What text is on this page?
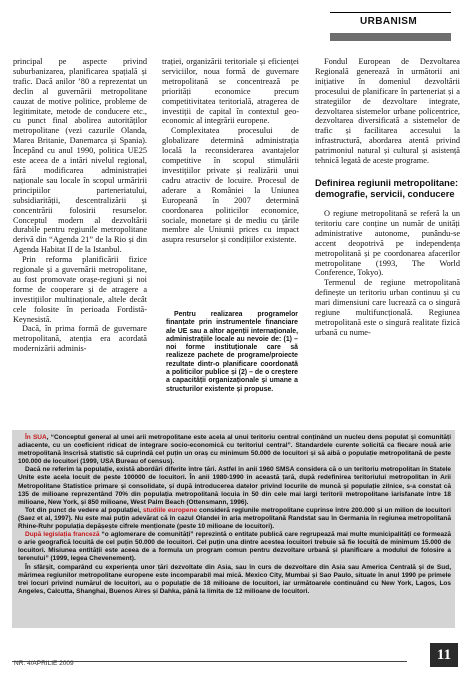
URBANISM

principal pe aspecte privind suburbanizarea, planificarea spațială și trafic. Dacă anilor ’80 a reprezentat un declin al guvernării metropolitane cauzat de motive politice, probleme de legitimitate, metode de conducere etc., cu punct final abolirea autorităților metropolitane (vezi cazurile Olanda, Marea Britanie, Danemarca și Spania). Începând cu anul 1990, politica UE25 este aceea de a intări nivelul regional, fără modificarea administrației naționale sau locale în scopul urmăririi principiilor parteneriatului, subsidiarității, descentralizării și concentrării folosirii resurselor. Conceptul modern al dezvoltării durabile pentru regiunile metropolitane derivă din “Agenda 21” de la Rio și din Agenda Habitat II de la Istanbul.

Prin reforma planificării fizice regionale și a guvernării metropolitane, au fost promovate orașe-regiuni și noi forme de cooperare și de atragere a investițiilor multinaționale, altele decât cele folosite în perioada Fordistă-Keynesistă.

Dacă, în prima formă de guvernare metropolitană, atenția era acordată modernizării adminis-

trației, organizării teritoriale și eficienței serviciilor, noua formă de guvernare metropolitană se concentrează pe priorități economice precum competitivitatea teritorială, atragerea de investiții de capital în contextul geo-economic al integrării europene.

Complexitatea procesului de globalizare determină administrația locală la reconsiderarea avantajelor competitive în scopul stimulării investițiilor private și realizării unui cadru atractiv de locuire. Procesul de aderare a României la Uniunea Europeană în 2007 determină coordonarea politicilor economice, sociale, monetare și de mediu cu țările membre ale Uniunii prices cu impact asupra resurselor și condițiilor existente.

Pentru realizarea programelor finanțate prin instrumentele financiare ale UE sau a altor agenții internaționale, administrațiile locale au nevoie de: (1) – noi forme instituționale care să realizeze pachete de programe/proiecte rezultate dintr-o planificare coordonată a politicilor publice și (2) – de o creștere a capacității organizaționale și umane a structurilor existente și propuse.

Fondul European de Dezvoltarea Regională generează în următorii ani inițiative în domeniul dezvoltării procesului de planificare în parteneriat și a strategiilor de dezvoltare integrate, dezvoltarea sistemelor urbane policentrice, dezvoltarea diversificată a sistemelor de trafic și facilitarea accesului la infrastructură, abordarea atentă privind patrimoniul natural și cultural și asistență tehnică legată de aceste programe.

Definirea regiunii metropolitane: demografie, servicii, conducere

O regiune metropolitană se referă la un teritoriu care conține un număr de unități administrative autonome, punându-se accent deopotrivă pe independența metropolitană și pe coordonarea afacerilor metropolitane (1993, The World Conference, Tokyo).

Termenul de regiune metropolitană definește un teritoriu urban continuu și cu mari dimensiuni care lucrează ca o singură regiune multifuncțională. Regiunea metropolitană este o singură realitate fizică urbană cu nume-

În SUA, “Conceptul general al unei arii metropolitane este acela al unui teritoriu central conținând un nucleu dens populat și comunități adiacente, cu un coeficient ridicat de integrare socio-economică cu teritoriul central”. Standardele curente solicită ca fiecare nouă arie metropolitană înscrisă statistic să cuprindă cel puțin un oraș cu minimum 50.000 de locuitori și să aibă o populație metropolitană de peste 100.000 de locuitori (1999, USA Bureau of census).

Dacă ne referim la populație, există abordări diferite între țări. Astfel în anii 1960 SMSA considera că o un teritoriu metropolitan în Statele Unite este acela locuit de peste 100000 de locuitori. În anii 1980-1990 în această țară, după redefinirea teritoriului metropolitan în Arii Metropolitane Statistice primare și consolidate, și după introducerea datelor privind locurile de muncă și populație zilnice, s-a constat că 135 de milioane reprezentând 70% din populația metropolitană locuia în 50 din cele mai largi teritorii metropolitane îarisfanate între 18 milioane, New York, și 850 milioane, West Palm Beach (Ottensmann, 1996).

Tot din punct de vedere al populației, studiile europene consideră regiunile metropolitane cuprinse între 200.000 și un milion de locuitori (Saez et al, 1997). Nu este mai puțin adevărat că în cazul Olandei în aria metropolitană Randstat sau în Germania în regiunea metropolitană Rhine-Ruhr populația depășește cifrele menționate (peste 10 milioane de locuitori).

După legislația franceză “o aglomerare de comunități” reprezintă o entitate publică care regrupează mai multe municipalități ce formează o arie geografică locuită de cel puțin 50.000 de locuitori. Cel puțin una dintre acestea locuitori trebuie să fie locuită de minimum 15.000 de locuitori. Misiunea entității este aceea de a formula un program comun pentru dezvoltare urbană și planificare a modului de folosire a terenului” (1999, legea Chevenement).

În sfârșit, comparând cu experiența unor țări dezvoltate din Asia, sau în curs de dezvoltare din Asia sau America Centrală și de Sud, mărimea regiunilor metropolitane europene este incomparabil mai mică. Mexico City, Mumbai și Sao Paulo, situate în anul 1990 pe primele trei locuri privind numărul de locuitori, au o populație de 18 milioane de locuitori, iar următoarele continuând cu New York, Lagos, Los Angeles, Calcutta, Shanghai, Buenos Aires și Dahka, până la limita de 12 milioane de locuitori.

NR. 4/APRILIE 2009
11
